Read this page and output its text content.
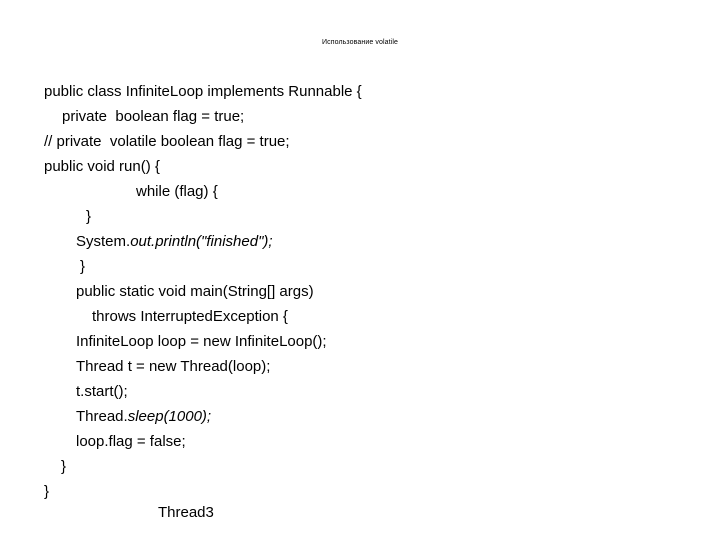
Использование volatile
public class InfiniteLoop implements Runnable {
private  boolean flag = true;
// private  volatile boolean flag = true;
public void run() {
while (flag) {
}
System.out.println("finished");
}
public static void main(String[] args)
throws InterruptedException {
InfiniteLoop loop = new InfiniteLoop();
Thread t = new Thread(loop);
t.start();
Thread.sleep(1000);
loop.flag = false;
}
}
Thread3
